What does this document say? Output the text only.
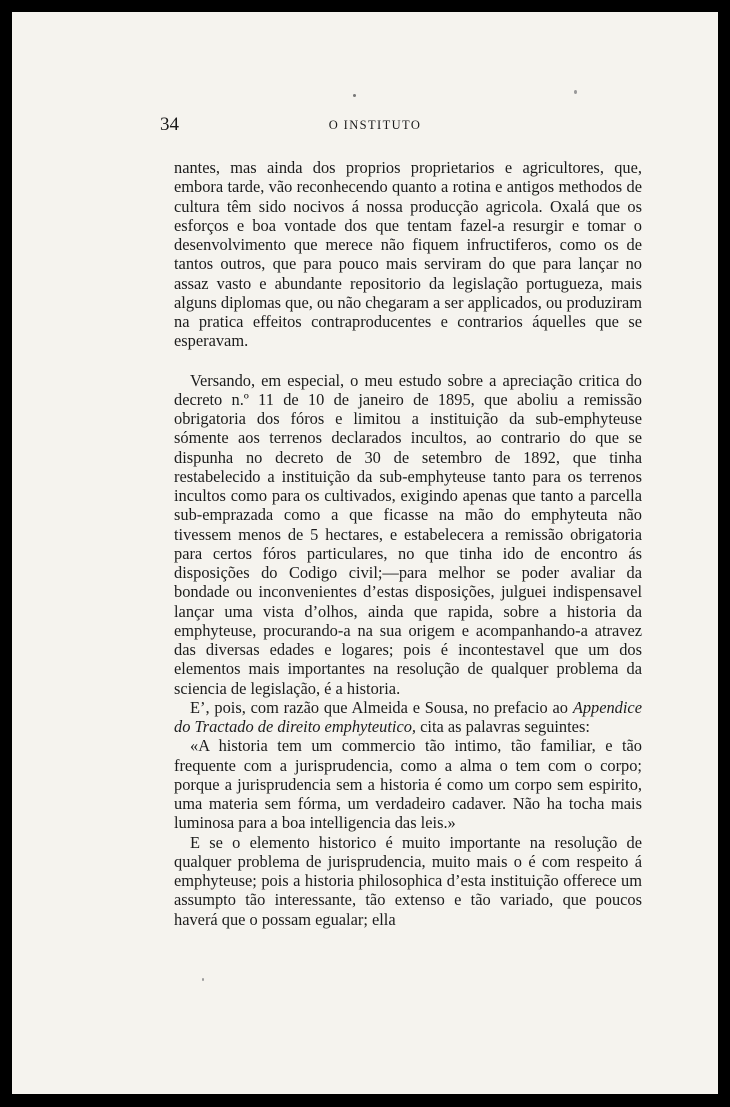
34	O INSTITUTO

nantes, mas ainda dos proprios proprietarios e agricultores, que, embora tarde, vão reconhecendo quanto a rotina e antigos methodos de cultura têm sido nocivos á nossa producção agricola. Oxalá que os esforços e boa vontade dos que tentam fazel-a resurgir e tomar o desenvolvimento que merece não fiquem infructiferos, como os de tantos outros, que para pouco mais serviram do que para lançar no assaz vasto e abundante repositorio da legislação portugueza, mais alguns diplomas que, ou não chegaram a ser applicados, ou produziram na pratica effeitos contraproducentes e contrarios áquelles que se esperavam.

Versando, em especial, o meu estudo sobre a apreciação critica do decreto n.º 11 de 10 de janeiro de 1895, que aboliu a remissão obrigatoria dos fóros e limitou a instituição da sub-emphyteuse sómente aos terrenos declarados incultos, ao contrario do que se dispunha no decreto de 30 de setembro de 1892, que tinha restabelecido a instituição da sub-emphyteuse tanto para os terrenos incultos como para os cultivados, exigindo apenas que tanto a parcella sub-emprazada como a que ficasse na mão do emphyteuta não tivessem menos de 5 hectares, e estabelecera a remissão obrigatoria para certos fóros particulares, no que tinha ido de encontro ás disposições do Codigo civil;—para melhor se poder avaliar da bondade ou inconvenientes d’estas disposições, julguei indispensavel lançar uma vista d’olhos, ainda que rapida, sobre a historia da emphyteuse, procurando-a na sua origem e acompanhando-a atravez das diversas edades e logares; pois é incontestavel que um dos elementos mais importantes na resolução de qualquer problema da sciencia de legislação, é a historia.

E’, pois, com razão que Almeida e Sousa, no prefacio ao Appendice do Tractado de direito emphyteutico, cita as palavras seguintes:

«A historia tem um commercio tão intimo, tão familiar, e tão frequente com a jurisprudencia, como a alma o tem com o corpo; porque a jurisprudencia sem a historia é como um corpo sem espirito, uma materia sem fórma, um verdadeiro cadaver. Não ha tocha mais luminosa para a boa intelligencia das leis.»

E se o elemento historico é muito importante na resolução de qualquer problema de jurisprudencia, muito mais o é com respeito á emphyteuse; pois a historia philosophica d’esta instituição offerece um assumpto tão interessante, tão extenso e tão variado, que poucos haverá que o possam egualar; ella
